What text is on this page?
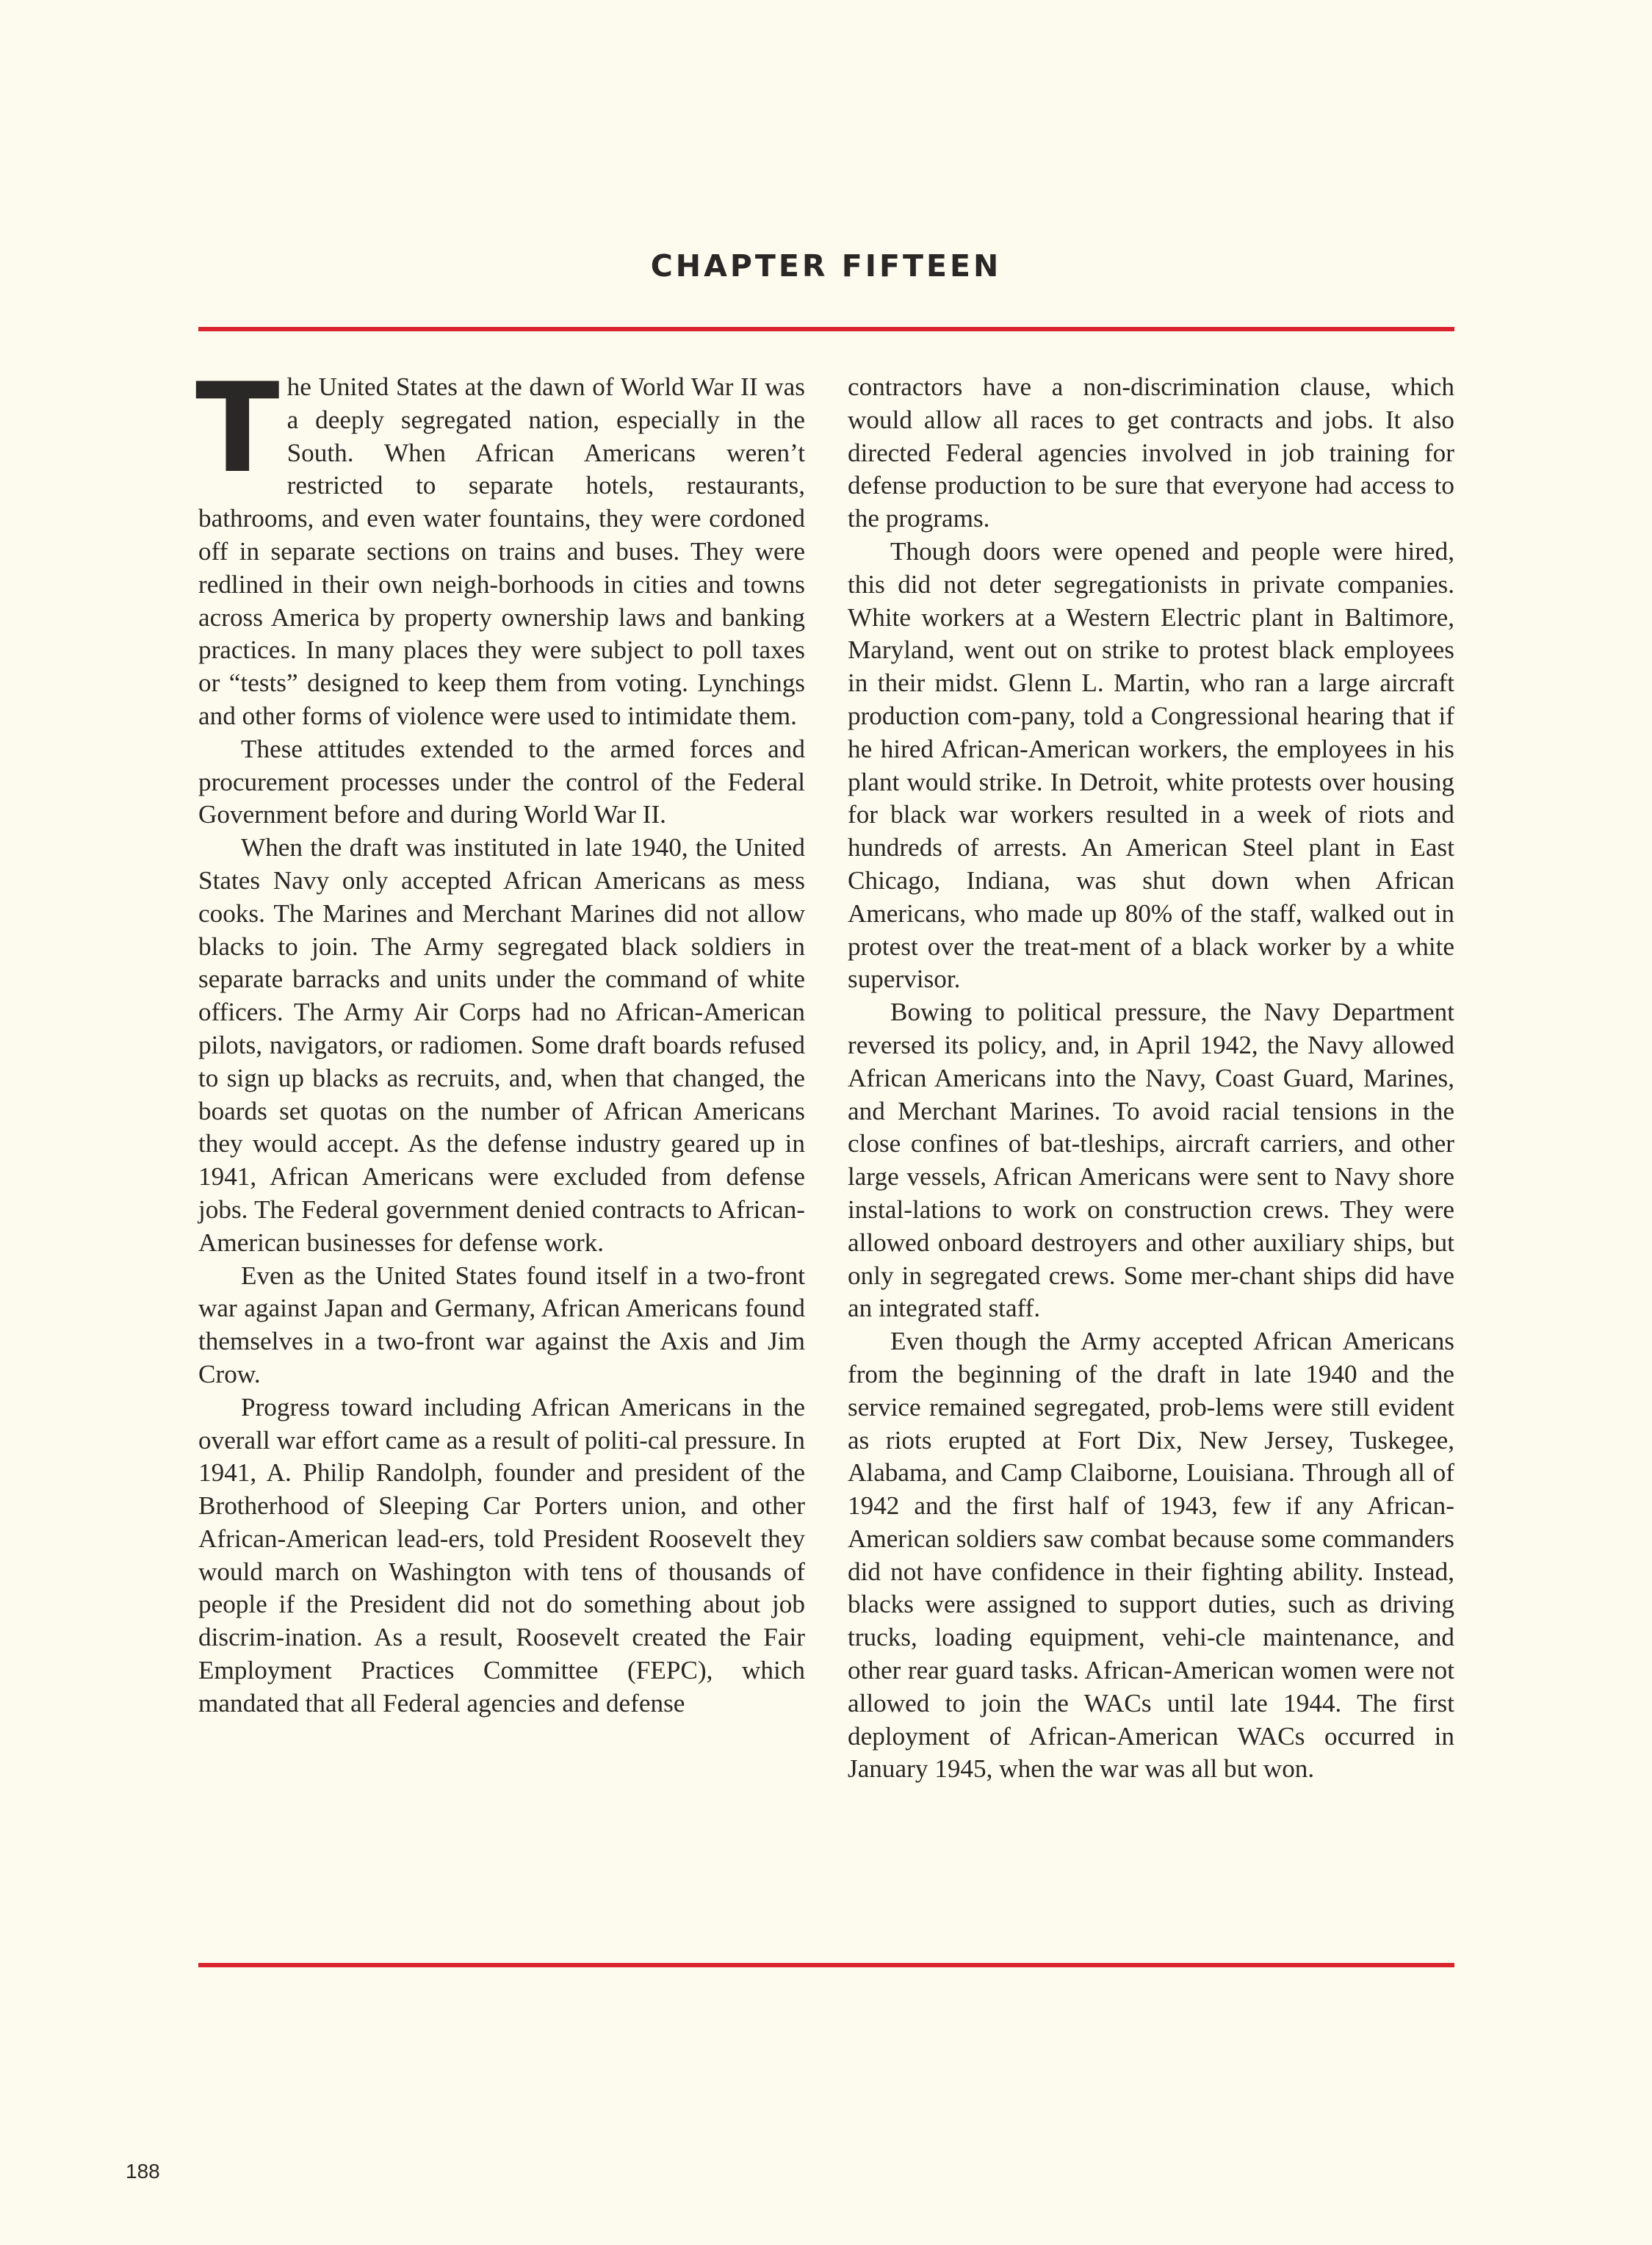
CHAPTER FIFTEEN

The United States at the dawn of World War II was a deeply segregated nation, especially in the South. When African Americans weren’t restricted to separate hotels, restaurants, bathrooms, and even water fountains, they were cordoned off in separate sections on trains and buses. They were redlined in their own neigh-borhoods in cities and towns across America by property ownership laws and banking practices. In many places they were subject to poll taxes or “tests” designed to keep them from voting. Lynchings and other forms of violence were used to intimidate them.

These attitudes extended to the armed forces and procurement processes under the control of the Federal Government before and during World War II.

When the draft was instituted in late 1940, the United States Navy only accepted African Americans as mess cooks. The Marines and Merchant Marines did not allow blacks to join. The Army segregated black soldiers in separate barracks and units under the command of white officers. The Army Air Corps had no African-American pilots, navigators, or radiomen. Some draft boards refused to sign up blacks as recruits, and, when that changed, the boards set quotas on the number of African Americans they would accept. As the defense industry geared up in 1941, African Americans were excluded from defense jobs. The Federal government denied contracts to African-American businesses for defense work.

Even as the United States found itself in a two-front war against Japan and Germany, African Americans found themselves in a two-front war against the Axis and Jim Crow.

Progress toward including African Americans in the overall war effort came as a result of politi-cal pressure. In 1941, A. Philip Randolph, founder and president of the Brotherhood of Sleeping Car Porters union, and other African-American lead-ers, told President Roosevelt they would march on Washington with tens of thousands of people if the President did not do something about job discrim-ination. As a result, Roosevelt created the Fair Employment Practices Committee (FEPC), which mandated that all Federal agencies and defense

contractors have a non-discrimination clause, which would allow all races to get contracts and jobs. It also directed Federal agencies involved in job training for defense production to be sure that everyone had access to the programs.

Though doors were opened and people were hired, this did not deter segregationists in private companies. White workers at a Western Electric plant in Baltimore, Maryland, went out on strike to protest black employees in their midst. Glenn L. Martin, who ran a large aircraft production com-pany, told a Congressional hearing that if he hired African-American workers, the employees in his plant would strike. In Detroit, white protests over housing for black war workers resulted in a week of riots and hundreds of arrests. An American Steel plant in East Chicago, Indiana, was shut down when African Americans, who made up 80% of the staff, walked out in protest over the treat-ment of a black worker by a white supervisor.

Bowing to political pressure, the Navy Department reversed its policy, and, in April 1942, the Navy allowed African Americans into the Navy, Coast Guard, Marines, and Merchant Marines. To avoid racial tensions in the close confines of bat-tleships, aircraft carriers, and other large vessels, African Americans were sent to Navy shore instal-lations to work on construction crews. They were allowed onboard destroyers and other auxiliary ships, but only in segregated crews. Some mer-chant ships did have an integrated staff.

Even though the Army accepted African Americans from the beginning of the draft in late 1940 and the service remained segregated, prob-lems were still evident as riots erupted at Fort Dix, New Jersey, Tuskegee, Alabama, and Camp Claiborne, Louisiana. Through all of 1942 and the first half of 1943, few if any African-American soldiers saw combat because some commanders did not have confidence in their fighting ability. Instead, blacks were assigned to support duties, such as driving trucks, loading equipment, vehi-cle maintenance, and other rear guard tasks. African-American women were not allowed to join the WACs until late 1944. The first deployment of African-American WACs occurred in January 1945, when the war was all but won.

188
